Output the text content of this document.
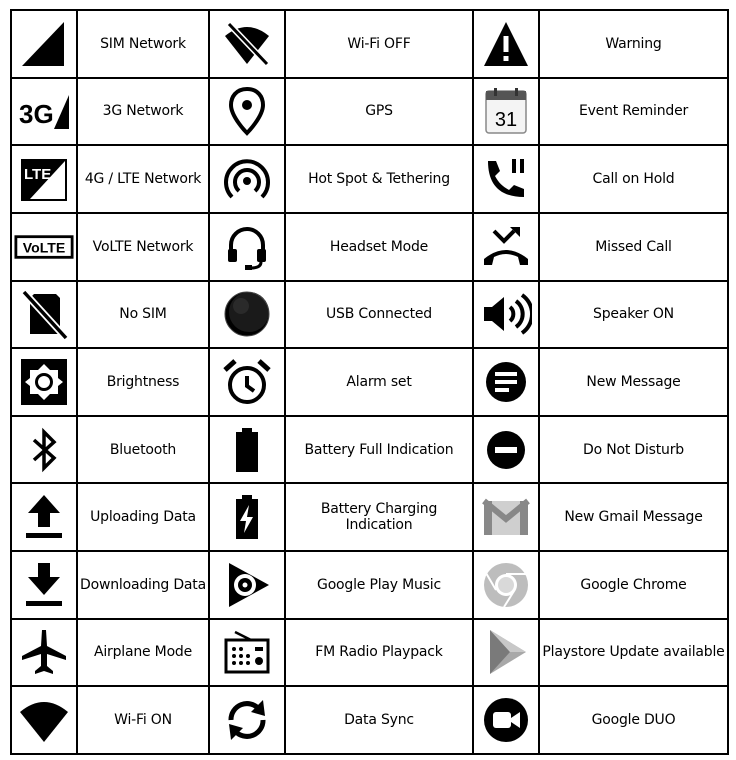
	SIM Network		Wi-Fi OFF		Warning

3G	3G Network		GPS	31	Event Reminder

LTE	4G / LTE Network		Hot Spot & Tethering		Call on Hold

VoLTE	VoLTE Network		Headset Mode		Missed Call

	No SIM		USB Connected		Speaker ON

	Brightness		Alarm set		New Message

	Bluetooth		Battery Full Indication		Do Not Disturb

	Uploading Data		Battery Charging Indication		New Gmail Message

	Downloading Data		Google Play Music		Google Chrome

	Airplane Mode		FM Radio Playpack		Playstore Update available

	Wi-Fi ON		Data Sync		Google DUO
